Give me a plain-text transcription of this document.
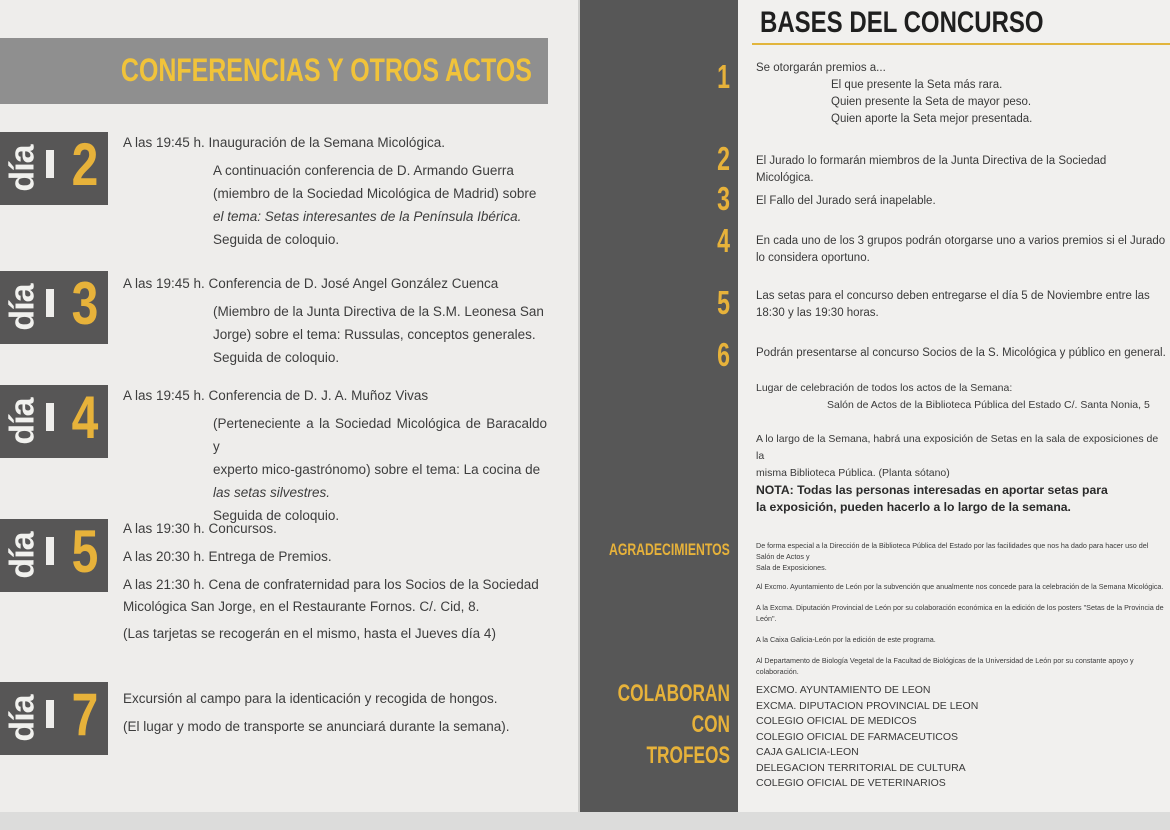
CONFERENCIAS Y OTROS ACTOS
día 2	A las 19:45 h. Inauguración de la Semana Micológica.
A continuación conferencia de D. Armando Guerra
(miembro de la Sociedad Micológica de Madrid) sobre
el tema: Setas interesantes de la Península Ibérica.
Seguida de coloquio.
día 3	A las 19:45 h. Conferencia de D. José Angel González Cuenca
(Miembro de la Junta Directiva de la S.M. Leonesa San
Jorge) sobre el tema: Russulas, conceptos generales.
Seguida de coloquio.
día 4	A las 19:45 h. Conferencia de D. J. A. Muñoz Vivas
(Perteneciente a la Sociedad Micológica de Baracaldo y
experto mico-gastrónomo) sobre el tema: La cocina de
las setas silvestres.
Seguida de coloquio.
día 5	A las 19:30 h. Concursos.
A las 20:30 h. Entrega de Premios.
A las 21:30 h. Cena de confraternidad para los Socios de la Sociedad
Micológica San Jorge, en el Restaurante Fornos. C/. Cid, 8.
(Las tarjetas se recogerán en el mismo, hasta el Jueves día 4)
día 7	Excursión al campo para la identicación y recogida de hongos.
(El lugar y modo de transporte se anunciará durante la semana).
1
2
3
4
5
6
AGRADECIMIENTOS
COLABORAN
CON
TROFEOS
BASES DEL CONCURSO
Se otorgarán premios a...
El que presente la Seta más rara.
Quien presente la Seta de mayor peso.
Quien aporte la Seta mejor presentada.
El Jurado lo formarán miembros de la Junta Directiva de la Sociedad Micológica.
El Fallo del Jurado será inapelable.
En cada uno de los 3 grupos podrán otorgarse uno a varios premios si el Jurado
lo considera oportuno.
Las setas para el concurso deben entregarse el día 5 de Noviembre entre las
18:30 y las 19:30 horas.
Podrán presentarse al concurso Socios de la S. Micológica y público en general.
Lugar de celebración de todos los actos de la Semana:
Salón de Actos de la Biblioteca Pública del Estado C/. Santa Nonia, 5
A lo largo de la Semana, habrá una exposición de Setas en la sala de exposiciones de la
misma Biblioteca Pública. (Planta sótano)
NOTA: Todas las personas interesadas en aportar setas para
la exposición, pueden hacerlo a lo largo de la semana.
De forma especial a la Dirección de la Biblioteca Pública del Estado por las facilidades que nos ha dado para hacer uso del Salón de Actos y
Sala de Exposiciones.
Al Excmo. Ayuntamiento de León por la subvención que anualmente nos concede para la celebración de la Semana Micológica.
A la Excma. Diputación Provincial de León por su colaboración económica en la edición de los posters "Setas de la Provincia de León".
A la Caixa Galicia-León por la edición de este programa.
Al Departamento de Biología Vegetal de la Facultad de Biológicas de la Universidad de León por su constante apoyo y colaboración.
EXCMO. AYUNTAMIENTO DE LEON
EXCMA. DIPUTACION PROVINCIAL DE LEON
COLEGIO OFICIAL DE MEDICOS
COLEGIO OFICIAL DE FARMACEUTICOS
CAJA GALICIA-LEON
DELEGACION TERRITORIAL DE CULTURA
COLEGIO OFICIAL DE VETERINARIOS
